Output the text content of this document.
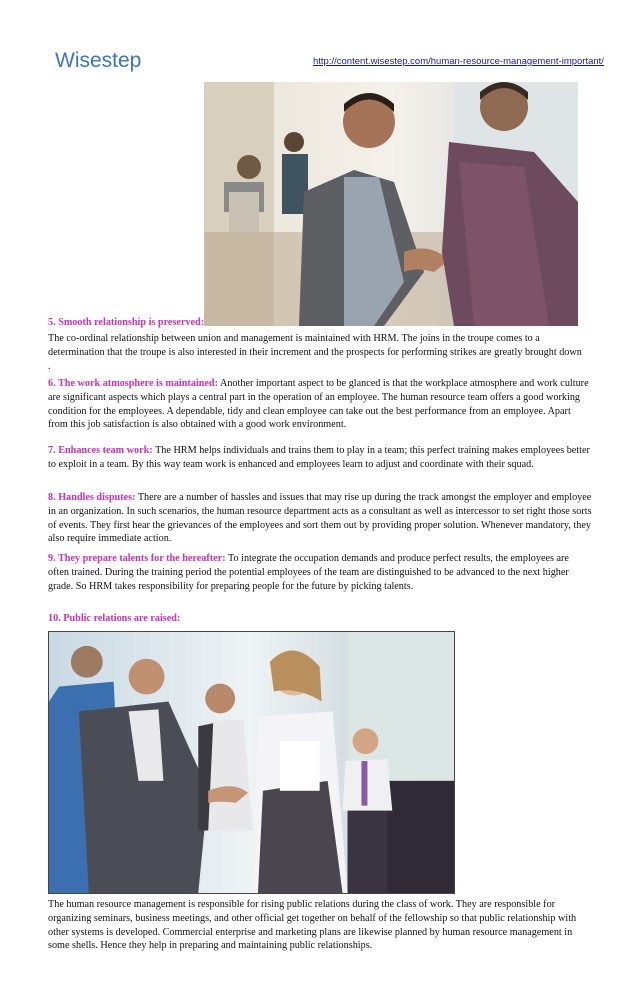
Wisestep	http://content.wisestep.com/human-resource-management-important/

5. Smooth relationship is preserved:

The co-ordinal relationship between union and management is maintained with HRM. The joins in the troupe comes to a determination that the troupe is also interested in their increment and the prospects for performing strikes are greatly brought down

.

6. The work atmosphere is maintained: Another important aspect to be glanced is that the workplace atmosphere and work culture are significant aspects which plays a central part in the operation of an employee. The human resource team offers a good working condition for the employees. A dependable, tidy and clean employee can take out the best performance from an employee. Apart from this job satisfaction is also obtained with a good work environment.

7. Enhances team work: The HRM helps individuals and trains them to play in a team; this perfect training makes employees better to exploit in a team. By this way team work is enhanced and employees learn to adjust and coordinate with their squad.

8. Handles disputes: There are a number of hassles and issues that may rise up during the track amongst the employer and employee in an organization. In such scenarios, the human resource department acts as a consultant as well as intercessor to set right those sorts of events. They first hear the grievances of the employees and sort them out by providing proper solution. Whenever mandatory, they also require immediate action.

9. They prepare talents for the hereafter: To integrate the occupation demands and produce perfect results, the employees are often trained. During the training period the potential employees of the team are distinguished to be advanced to the next higher grade. So HRM takes responsibility for preparing people for the future by picking talents.

10. Public relations are raised:

The human resource management is responsible for rising public relations during the class of work. They are responsible for organizing seminars, business meetings, and other official get together on behalf of the fellowship so that public relationship with other systems is developed. Commercial enterprise and marketing plans are likewise planned by human resource management in some shells. Hence they help in preparing and maintaining public relationships.
